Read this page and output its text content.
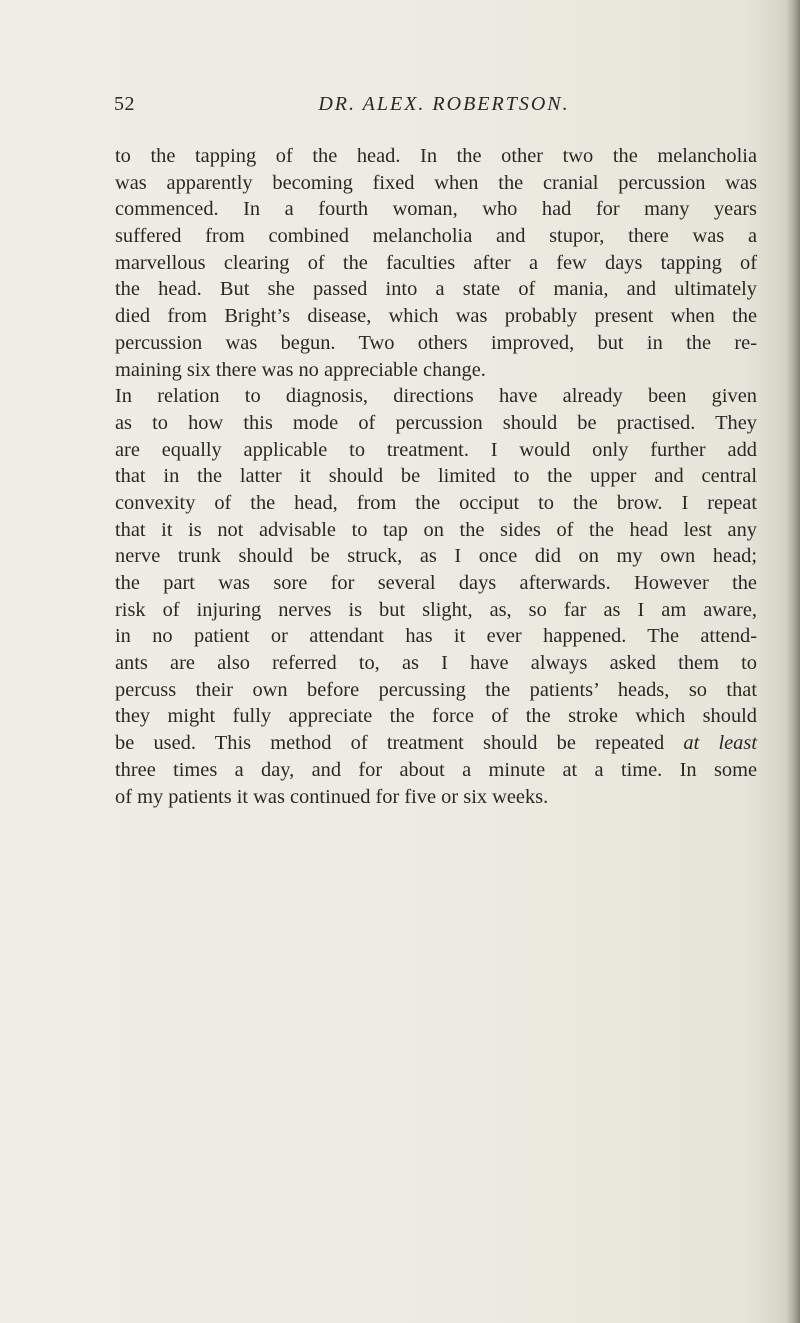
52	DR. ALEX. ROBERTSON.
to the tapping of the head. In the other two the melancholia
was apparently becoming fixed when the cranial percussion was
commenced. In a fourth woman, who had for many years
suffered from combined melancholia and stupor, there was a
marvellous clearing of the faculties after a few days tapping of
the head. But she passed into a state of mania, and ultimately
died from Bright’s disease, which was probably present when the
percussion was begun. Two others improved, but in the re-
maining six there was no appreciable change.
In relation to diagnosis, directions have already been given
as to how this mode of percussion should be practised. They
are equally applicable to treatment. I would only further add
that in the latter it should be limited to the upper and central
convexity of the head, from the occiput to the brow. I repeat
that it is not advisable to tap on the sides of the head lest any
nerve trunk should be struck, as I once did on my own head;
the part was sore for several days afterwards. However the
risk of injuring nerves is but slight, as, so far as I am aware,
in no patient or attendant has it ever happened. The attend-
ants are also referred to, as I have always asked them to
percuss their own before percussing the patients’ heads, so that
they might fully appreciate the force of the stroke which should
be used. This method of treatment should be repeated at least
three times a day, and for about a minute at a time. In some
of my patients it was continued for five or six weeks.
